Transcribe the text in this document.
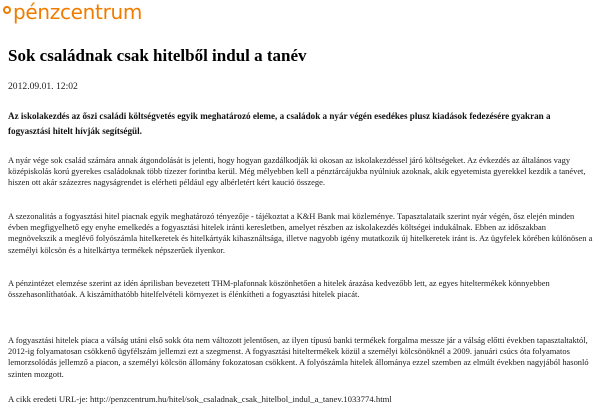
pénzcentrum
Sok családnak csak hitelből indul a tanév
2012.09.01. 12:02

Az iskolakezdés az őszi családi költségvetés egyik meghatározó eleme, a családok a nyár végén esedékes plusz kiadások fedezésére gyakran a fogyasztási hitelt hívják segítségül.

A nyár vége sok család számára annak átgondolását is jelenti, hogy hogyan gazdálkodják ki okosan az iskolakezdéssel járó költségeket. Az évkezdés az általános vagy középiskolás korú gyerekes családoknak több tízezer forintba kerül. Még mélyebben kell a pénztárcájukba nyúlniuk azoknak, akik egyetemista gyerekkel kezdik a tanévet, hiszen ott akár százezres nagyságrendet is elérheti például egy albérletért kért kaució összege.

A szezonalitás a fogyasztási hitel piacnak egyik meghatározó tényezője - tájékoztat a K&H Bank mai közleménye. Tapasztalataik szerint nyár végén, ősz elején minden évben megfigyelhető egy enyhe emelkedés a fogyasztási hitelek iránti keresletben, amelyet részben az iskolakezdés költségei indukálnak. Ebben az időszakban megnövekszik a meglévő folyószámla hitelkeretek és hitelkártyák kihasználtsága, illetve nagyobb igény mutatkozik új hitelkeretek iránt is. Az ügyfelek körében különösen a személyi kölcsön és a hitelkártya termékek népszerűek ilyenkor.

A pénzintézet elemzése szerint az idén áprilisban bevezetett THM-plafonnak köszönhetően a hitelek árazása kedvezőbb lett, az egyes hiteltermékek könnyebben összehasonlíthatóak. A kiszámíthatóbb hitelfelvételi környezet is élénkítheti a fogyasztási hitelek piacát.

A fogyasztási hitelek piaca a válság utáni első sokk óta nem változott jelentősen, az ilyen típusú banki termékek forgalma messze jár a válság előtti években tapasztaltaktól, 2012-ig folyamatosan csökkenő ügyfélszám jellemzi ezt a szegmenst. A fogyasztási hiteltermékek közül a személyi kölcsönöknél a 2009. januári csúcs óta folyamatos lemorzsolódás jellemző a piacon, a személyi kölcsön állomány fokozatosan csökkent. A folyószámla hitelek állománya ezzel szemben az elmúlt években nagyjából hasonló szinten mozgott.

A cikk eredeti URL-je: http://penzcentrum.hu/hitel/sok_csaladnak_csak_hitelbol_indul_a_tanev.1033774.html
